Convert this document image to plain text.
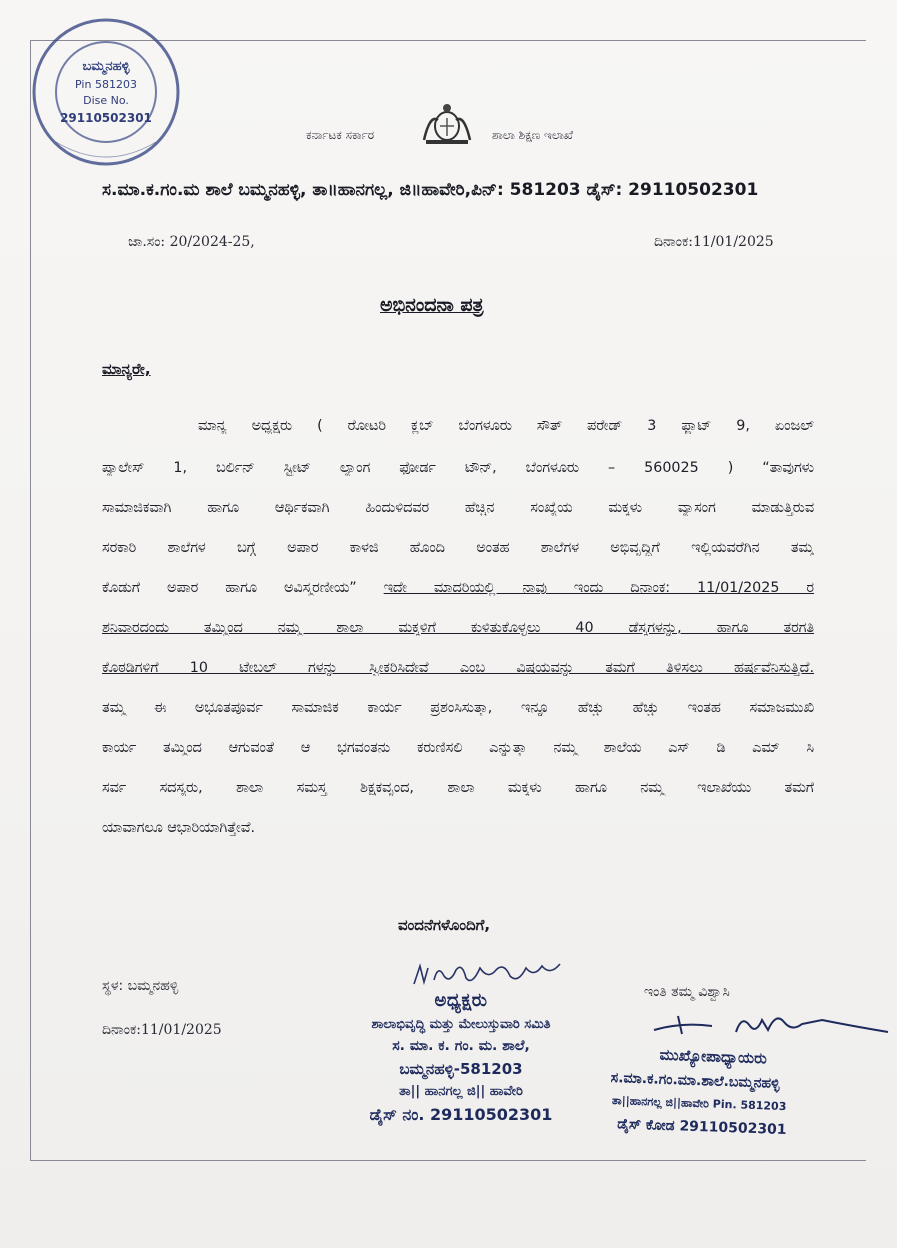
ಬಮ್ಮನಹಳ್ಳಿ
Pin 581203
Dise No.
29110502301
ಕರ್ನಾಟಕ ಸರ್ಕಾರ	ಶಾಲಾ ಶಿಕ್ಷಣ ಇಲಾಖೆ
ಸ.ಮಾ.ಕ.ಗಂ.ಮ ಶಾಲೆ ಬಮ್ಮನಹಳ್ಳಿ, ತಾ॥ಹಾನಗಲ್ಲ, ಜಿ॥ಹಾವೇರಿ,ಪಿನ್: 581203 ಡೈಸ್: 29110502301
ಜಾ.ಸಂ: 20/2024-25,	ದಿನಾಂಕ:11/01/2025
ಅಭಿನಂದನಾ ಪತ್ರ
ಮಾನ್ಯರೇ,
ಮಾನ್ಯ ಅಧ್ಯಕ್ಷರು ( ರೋಟರಿ ಕ್ಲಬ್ ಬೆಂಗಳೂರು ಸೌತ್ ಪರೇಡ್ 3 ಫ್ಲಾಟ್ 9, ಏಂಜಲ್
ಪ್ಯಾಲೇಸ್ 1, ಬರ್ಲಿನ್ ಸ್ಟ್ರೀಟ್ ಲ್ಯಾಂಗ ಫೋರ್ಡ ಟೌನ್, ಬೆಂಗಳೂರು – 560025 ) “ತಾವುಗಳು
ಸಾಮಾಜಿಕವಾಗಿ ಹಾಗೂ ಆರ್ಥಿಕವಾಗಿ ಹಿಂದುಳಿದವರ ಹೆಚ್ಚಿನ ಸಂಖ್ಯೆಯ ಮಕ್ಕಳು ವ್ಯಾಸಂಗ ಮಾಡುತ್ತಿರುವ
ಸರಕಾರಿ ಶಾಲೆಗಳ ಬಗ್ಗೆ ಅಪಾರ ಕಾಳಜಿ ಹೊಂದಿ ಅಂತಹ ಶಾಲೆಗಳ ಅಭಿವೃದ್ಧಿಗೆ ಇಲ್ಲಿಯವರೆಗಿನ ತಮ್ಮ
ಕೊಡುಗೆ ಅಪಾರ ಹಾಗೂ ಅವಿಸ್ಮರಣೀಯ” ಇದೇ ಮಾದರಿಯಲ್ಲಿ ನಾವು ಇಂದು ದಿನಾಂಕ: 11/01/2025 ರ
ಶನಿವಾರದಂದು ತಮ್ಮಿಂದ ನಮ್ಮ ಶಾಲಾ ಮಕ್ಕಳಿಗೆ ಕುಳಿತುಕೊಳ್ಳಲು 40 ಡೆಸ್ಕಗಳನ್ನು, ಹಾಗೂ ತರಗತಿ
ಕೊಠಡಿಗಳಿಗೆ 10 ಟೇಬಲ್ ಗಳನ್ನು ಸ್ವೀಕರಿಸಿದೇವೆ ಎಂಬ ವಿಷಯವನ್ನು ತಮಗೆ ತಿಳಿಸಲು ಹರ್ಷವೆನಿಸುತ್ತಿದೆ.
ತಮ್ಮ ಈ ಅಭೂತಪೂರ್ವ ಸಾಮಾಜಿಕ ಕಾರ್ಯ ಪ್ರಶಂಸಿಸುತ್ತಾ, ಇನ್ನೂ ಹೆಚ್ಚು ಹೆಚ್ಚು ಇಂತಹ ಸಮಾಜಮುಖಿ
ಕಾರ್ಯ ತಮ್ಮಿಂದ ಆಗುವಂತೆ ಆ ಭಗವಂತನು ಕರುಣಿಸಲಿ ಎನ್ನುತ್ತಾ ನಮ್ಮ ಶಾಲೆಯ ಎಸ್ ಡಿ ಎಮ್ ಸಿ
ಸರ್ವ ಸದಸ್ಯರು, ಶಾಲಾ ಸಮಸ್ತ ಶಿಕ್ಷಕವೃಂದ, ಶಾಲಾ ಮಕ್ಕಳು ಹಾಗೂ ನಮ್ಮ ಇಲಾಖೆಯು ತಮಗೆ
ಯಾವಾಗಲೂ ಆಭಾರಿಯಾಗಿತ್ತೇವೆ.
ವಂದನೆಗಳೊಂದಿಗೆ,
ಸ್ಥಳ: ಬಮ್ಮನಹಳ್ಳಿ
ದಿನಾಂಕ:11/01/2025
ಇಂತಿ ತಮ್ಮ ವಿಶ್ವಾಸಿ
ಅಧ್ಯಕ್ಷರು
ಶಾಲಾಭಿವೃದ್ಧಿ ಮತ್ತು ಮೇಲುಸ್ತುವಾರಿ ಸಮಿತಿ
ಸ. ಮಾ. ಕ. ಗಂ. ಮ. ಶಾಲೆ,
ಬಮ್ಮನಹಳ್ಳಿ-581203
ತಾ|| ಹಾನಗಲ್ಲ ಜಿ|| ಹಾವೇರಿ
ಡೈಸ್ ನಂ. 29110502301
ಮುಖ್ಯೋಪಾಧ್ಯಾಯರು
ಸ.ಮಾ.ಕ.ಗಂ.ಮಾ.ಶಾಲೆ.ಬಮ್ಮನಹಳ್ಳಿ
ತಾ||ಹಾನಗಲ್ಲ ಜಿ||ಹಾವೇರಿ Pin. 581203
ಡೈಸ್ ಕೋಡ 29110502301
